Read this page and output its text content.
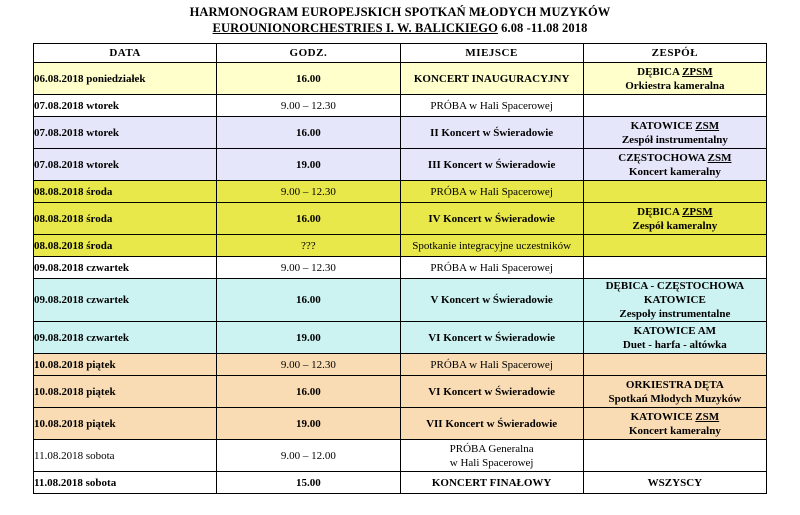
HARMONOGRAM EUROPEJSKICH SPOTKAŃ MŁODYCH MUZYKÓW
EUROUNIONORCHESTRIES I. W. BALICKIEGO 6.08 -11.08 2018
DATA	GODZ.	MIEJSCE	ZESPÓŁ
06.08.2018 poniedziałek	16.00	KONCERT INAUGURACYJNY	DĘBICA ZPSM
Orkiestra kameralna

07.08.2018 wtorek	9.00 – 12.30	PRÓBA w Hali Spacerowej	
07.08.2018 wtorek	16.00	II Koncert w Świeradowie	KATOWICE ZSM
Zespół instrumentalny

07.08.2018 wtorek	19.00	III Koncert w Świeradowie	CZĘSTOCHOWA ZSM
Koncert kameralny

08.08.2018 środa	9.00 – 12.30	PRÓBA w Hali Spacerowej	
08.08.2018 środa	16.00	IV Koncert w Świeradowie	DĘBICA ZPSM
Zespół kameralny

08.08.2018 środa	???	Spotkanie integracyjne uczestników	
09.08.2018 czwartek	9.00 – 12.30	PRÓBA w Hali Spacerowej	
09.08.2018 czwartek	16.00	V Koncert w Świeradowie	DĘBICA - CZĘSTOCHOWA KATOWICE
Zespoły instrumentalne

09.08.2018 czwartek	19.00	VI Koncert w Świeradowie	KATOWICE AM
Duet - harfa - altówka

10.08.2018 piątek	9.00 – 12.30	PRÓBA w Hali Spacerowej	
10.08.2018 piątek	16.00	VI Koncert w Świeradowie	ORKIESTRA DĘTA
Spotkań Młodych Muzyków

10.08.2018 piątek	19.00	VII Koncert w Świeradowie	KATOWICE ZSM
Koncert kameralny

11.08.2018 sobota	9.00 – 12.00	PRÓBA Generalna
w Hali Spacerowej	

11.08.2018 sobota	15.00	KONCERT FINAŁOWY	WSZYSCY
